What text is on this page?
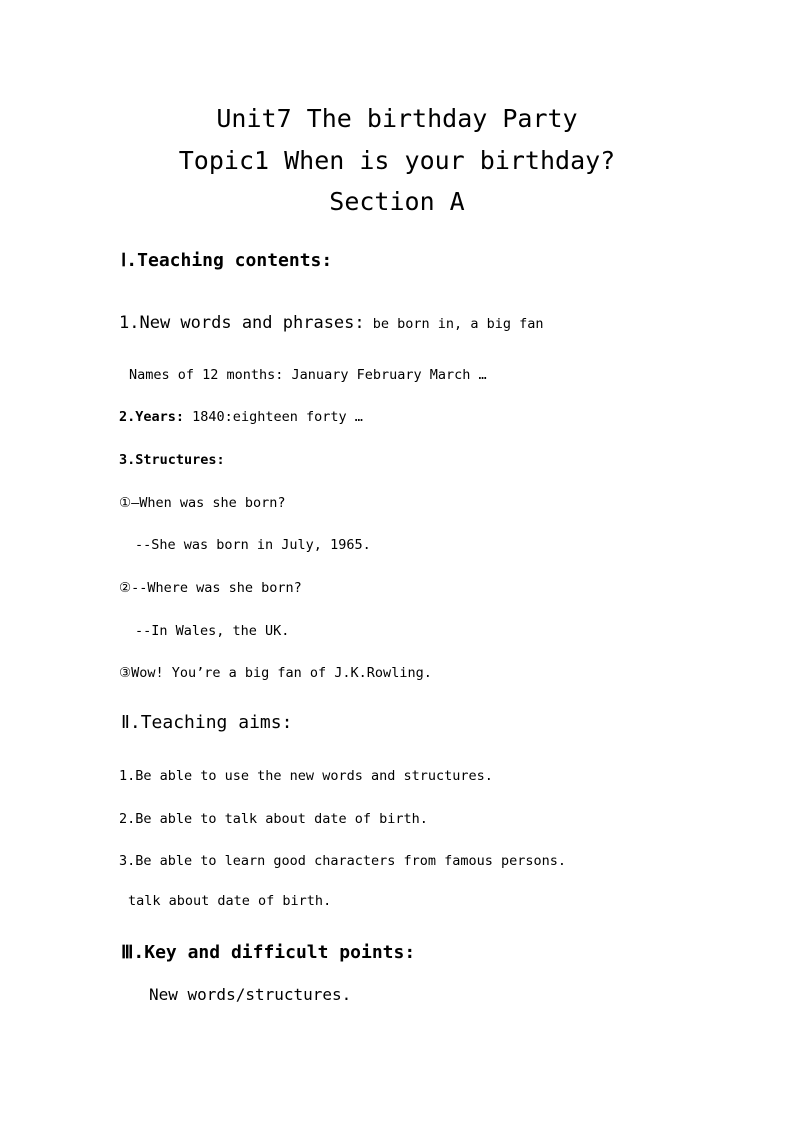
Unit7 The birthday Party
Topic1 When is your birthday?
Section A
Ⅰ.Teaching contents:
1.New words and phrases: be born in, a big fan
Names of 12 months: January February March …
2.Years: 1840:eighteen forty …
3.Structures:
①—When was she born?
--She was born in July, 1965.
②--Where was she born?
--In Wales, the UK.
③Wow! You’re a big fan of J.K.Rowling.
Ⅱ.Teaching aims:
1.Be able to use the new words and structures.
2.Be able to talk about date of birth.
3.Be able to learn good characters from famous persons.
talk about date of birth.
Ⅲ.Key and difficult points:
New words/structures.
